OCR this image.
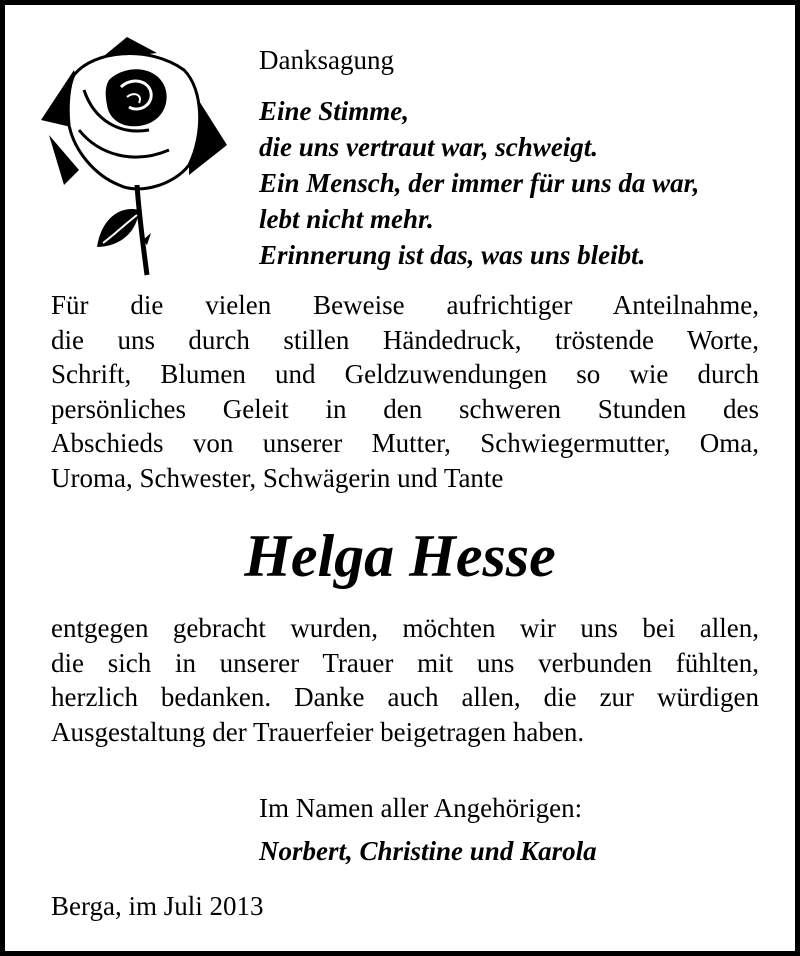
Danksagung
Eine Stimme,
die uns vertraut war, schweigt.
Ein Mensch, der immer für uns da war,
lebt nicht mehr.
Erinnerung ist das, was uns bleibt.
Für die vielen Beweise aufrichtiger Anteilnahme,
die uns durch stillen Händedruck, tröstende Worte,
Schrift, Blumen und Geldzuwendungen so wie durch
persönliches Geleit in den schweren Stunden des
Abschieds von unserer Mutter, Schwiegermutter, Oma,
Uroma, Schwester, Schwägerin und Tante
Helga Hesse
entgegen gebracht wurden, möchten wir uns bei allen,
die sich in unserer Trauer mit uns verbunden fühlten,
herzlich bedanken. Danke auch allen, die zur würdigen
Ausgestaltung der Trauerfeier beigetragen haben.
Im Namen aller Angehörigen:
Norbert, Christine und Karola
Berga, im Juli 2013
